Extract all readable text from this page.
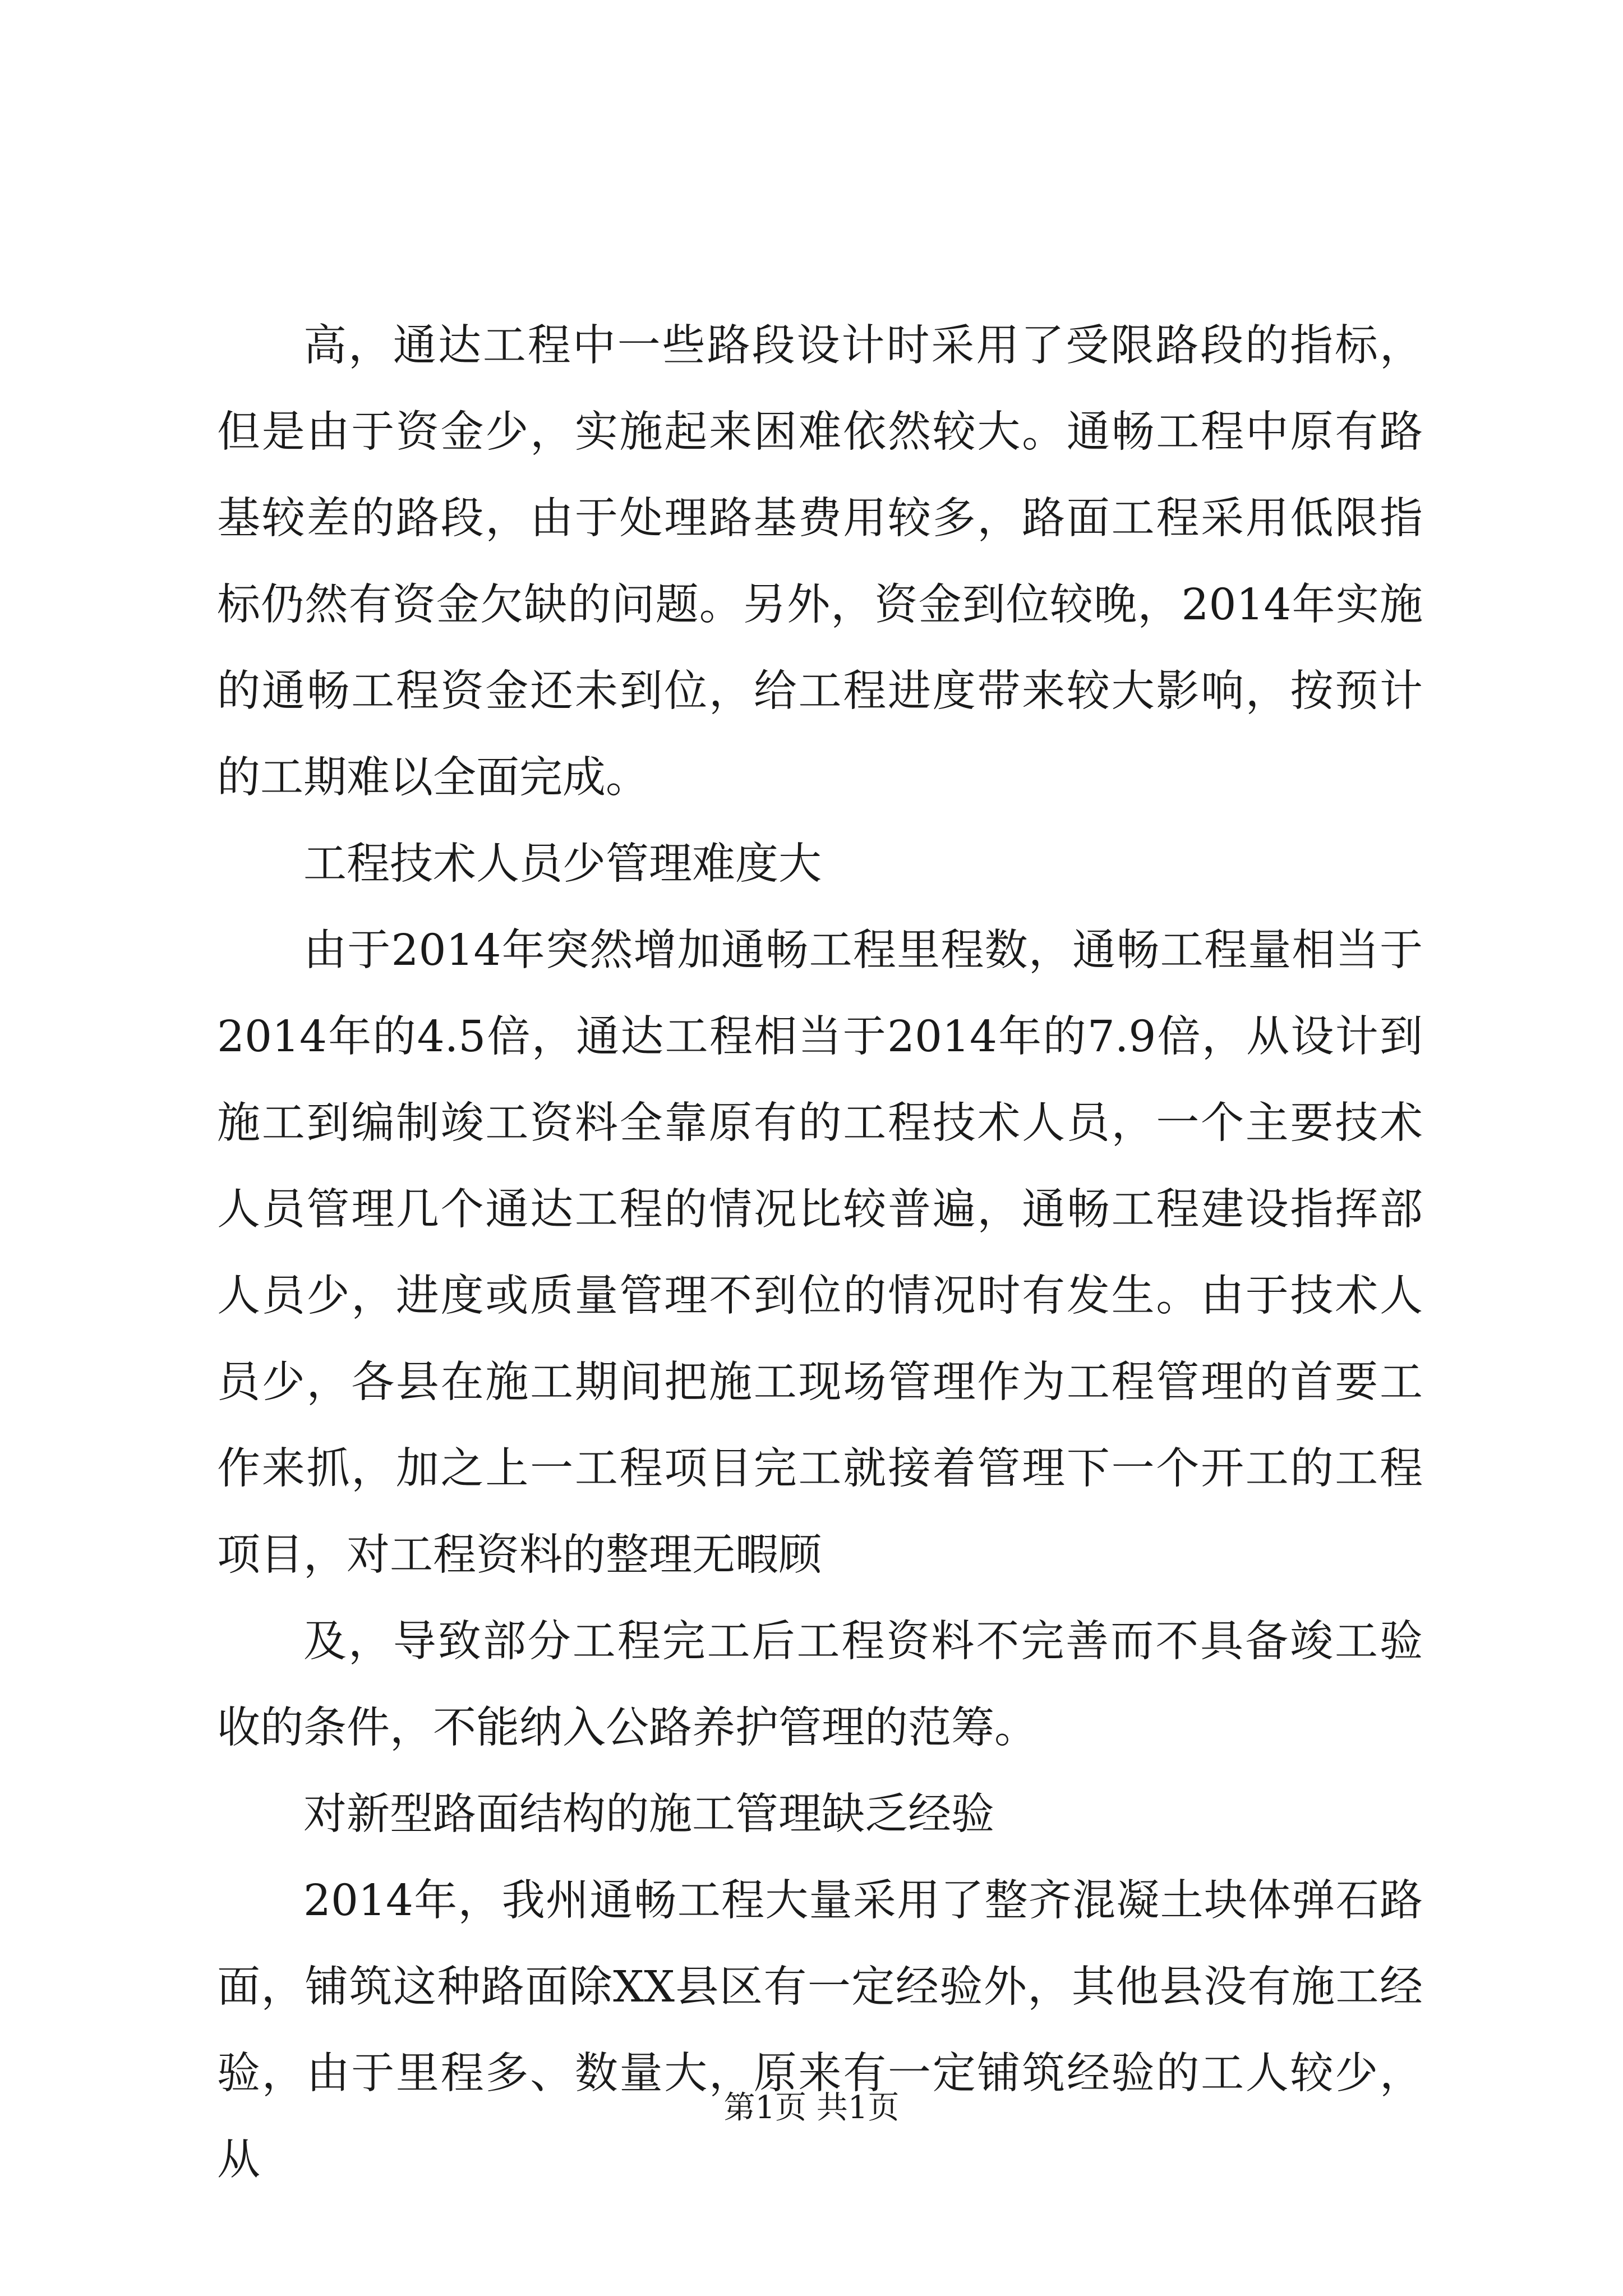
高，通达工程中一些路段设计时采用了受限路段的指标，但是由于资金少，实施起来困难依然较大。通畅工程中原有路基较差的路段，由于处理路基费用较多，路面工程采用低限指标仍然有资金欠缺的问题。另外，资金到位较晚，2014年实施的通畅工程资金还未到位，给工程进度带来较大影响，按预计的工期难以全面完成。

工程技术人员少管理难度大

由于2014年突然增加通畅工程里程数，通畅工程量相当于2014年的4.5倍，通达工程相当于2014年的7.9倍，从设计到施工到编制竣工资料全靠原有的工程技术人员，一个主要技术人员管理几个通达工程的情况比较普遍，通畅工程建设指挥部人员少，进度或质量管理不到位的情况时有发生。由于技术人员少，各县在施工期间把施工现场管理作为工程管理的首要工作来抓，加之上一工程项目完工就接着管理下一个开工的工程项目，对工程资料的整理无暇顾

及，导致部分工程完工后工程资料不完善而不具备竣工验收的条件，不能纳入公路养护管理的范筹。

对新型路面结构的施工管理缺乏经验

2014年，我州通畅工程大量采用了整齐混凝土块体弹石路面，铺筑这种路面除XX县区有一定经验外，其他县没有施工经验，由于里程多、数量大，原来有一定铺筑经验的工人较少，从

第1页 共1页
